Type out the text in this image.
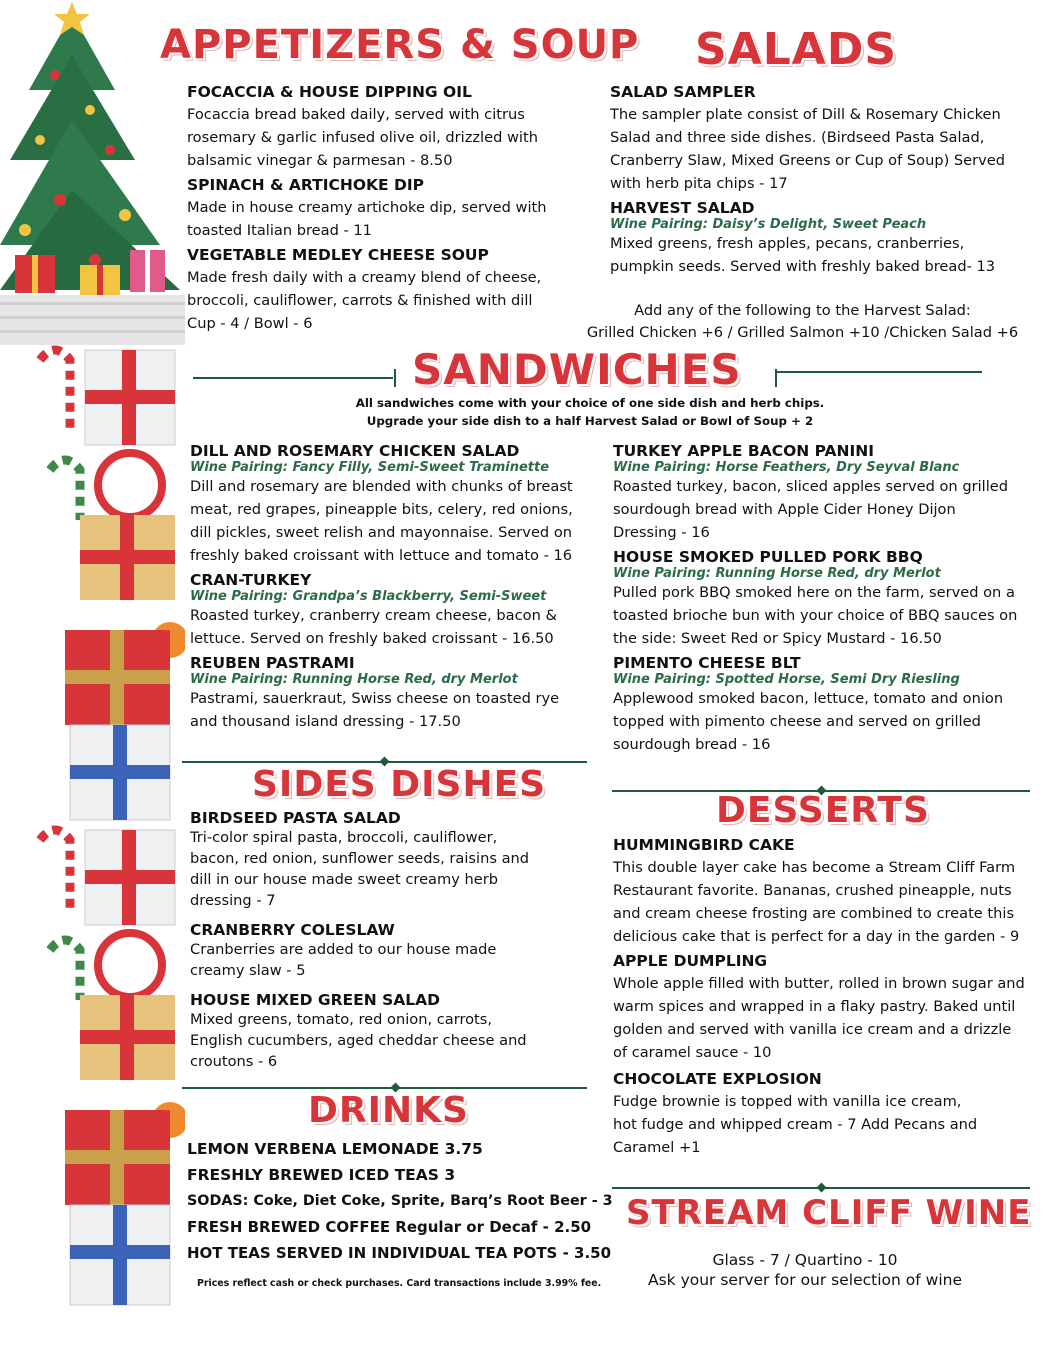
APPETIZERS & SOUP
FOCACCIA & HOUSE DIPPING OIL
Focaccia bread baked daily, served with citrus rosemary & garlic infused olive oil, drizzled with balsamic vinegar & parmesan - 8.50
SPINACH & ARTICHOKE DIP
Made in house creamy artichoke dip, served with toasted Italian bread - 11
VEGETABLE MEDLEY CHEESE SOUP
Made fresh daily with a creamy blend of cheese, broccoli, cauliflower, carrots & finished with dill Cup - 4 / Bowl - 6
SALADS
SALAD SAMPLER
The sampler plate consist of Dill & Rosemary Chicken Salad and three side dishes. (Birdseed Pasta Salad, Cranberry Slaw, Mixed Greens or Cup of Soup) Served with herb pita chips - 17
HARVEST SALAD
Wine Pairing: Daisy’s Delight, Sweet Peach
Mixed greens, fresh apples, pecans, cranberries, pumpkin seeds. Served with freshly baked bread- 13
Add any of the following to the Harvest Salad:
Grilled Chicken +6 / Grilled Salmon +10 /Chicken Salad +6
SANDWICHES
All sandwiches come with your choice of one side dish and herb chips.
Upgrade your side dish to a half Harvest Salad or Bowl of Soup + 2
DILL AND ROSEMARY CHICKEN SALAD
Wine Pairing: Fancy Filly, Semi-Sweet Traminette
Dill and rosemary are blended with chunks of breast meat, red grapes, pineapple bits, celery, red onions, dill pickles, sweet relish and mayonnaise. Served on freshly baked croissant with lettuce and tomato - 16
CRAN-TURKEY
Wine Pairing: Grandpa’s Blackberry, Semi-Sweet
Roasted turkey, cranberry cream cheese, bacon & lettuce. Served on freshly baked croissant - 16.50
REUBEN PASTRAMI
Wine Pairing: Running Horse Red, dry Merlot
Pastrami, sauerkraut, Swiss cheese on toasted rye and thousand island dressing - 17.50
TURKEY APPLE BACON PANINI
Wine Pairing: Horse Feathers, Dry Seyval Blanc
Roasted turkey, bacon, sliced apples served on grilled sourdough bread with Apple Cider Honey Dijon Dressing - 16
HOUSE SMOKED PULLED PORK BBQ
Wine Pairing: Running Horse Red, dry Merlot
Pulled pork BBQ smoked here on the farm, served on a toasted brioche bun with your choice of BBQ sauces on the side: Sweet Red or Spicy Mustard - 16.50
PIMENTO CHEESE BLT
Wine Pairing: Spotted Horse, Semi Dry Riesling
Applewood smoked bacon, lettuce, tomato and onion topped with pimento cheese and served on grilled sourdough bread - 16
SIDES DISHES
BIRDSEED PASTA SALAD
Tri-color spiral pasta, broccoli, cauliflower, bacon, red onion, sunflower seeds, raisins and dill in our house made sweet creamy herb dressing - 7
CRANBERRY COLESLAW
Cranberries are added to our house made creamy slaw - 5
HOUSE MIXED GREEN SALAD
Mixed greens, tomato, red onion, carrots, English cucumbers, aged cheddar cheese and croutons - 6
DESSERTS
HUMMINGBIRD CAKE
This double layer cake has become a Stream Cliff Farm Restaurant favorite. Bananas, crushed pineapple, nuts and cream cheese frosting are combined to create this delicious cake that is perfect for a day in the garden - 9
APPLE DUMPLING
Whole apple filled with butter, rolled in brown sugar and warm spices and wrapped in a flaky pastry. Baked until golden and served with vanilla ice cream and a drizzle of caramel sauce - 10
CHOCOLATE EXPLOSION
Fudge brownie is topped with vanilla ice cream, hot fudge and whipped cream - 7 Add Pecans and Caramel +1
DRINKS
LEMON VERBENA LEMONADE 3.75
FRESHLY BREWED ICED TEAS 3
SODAS: Coke, Diet Coke, Sprite, Barq’s Root Beer - 3
FRESH BREWED COFFEE Regular or Decaf - 2.50
HOT TEAS SERVED IN INDIVIDUAL TEA POTS - 3.50
Prices reflect cash or check purchases. Card transactions include 3.99% fee.
STREAM CLIFF WINE
Glass - 7 / Quartino - 10
Ask your server for our selection of wine
